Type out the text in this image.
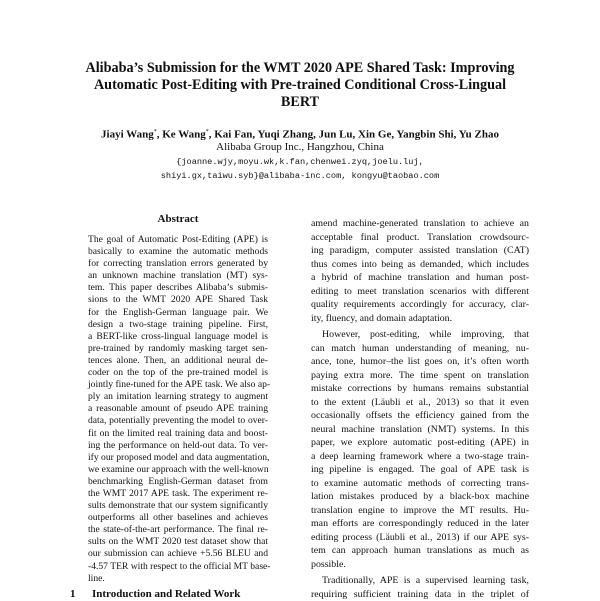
Alibaba’s Submission for the WMT 2020 APE Shared Task: Improving
Automatic Post-Editing with Pre-trained Conditional Cross-Lingual
BERT
Jiayi Wang*, Ke Wang*, Kai Fan, Yuqi Zhang, Jun Lu, Xin Ge, Yangbin Shi, Yu Zhao
Alibaba Group Inc., Hangzhou, China
{joanne.wjy,moyu.wk,k.fan,chenwei.zyq,joelu.luj,
shiyi.gx,taiwu.syb}@alibaba-inc.com, kongyu@taobao.com
Abstract
The goal of Automatic Post-Editing (APE) is
basically to examine the automatic methods
for correcting translation errors generated by
an unknown machine translation (MT) sys-
tem. This paper describes Alibaba’s submis-
sions to the WMT 2020 APE Shared Task
for the English-German language pair. We
design a two-stage training pipeline. First,
a BERT-like cross-lingual language model is
pre-trained by randomly masking target sen-
tences alone. Then, an additional neural de-
coder on the top of the pre-trained model is
jointly fine-tuned for the APE task. We also ap-
ply an imitation learning strategy to augment
a reasonable amount of pseudo APE training
data, potentially preventing the model to over-
fit on the limited real training data and boost-
ing the performance on held-out data. To ver-
ify our proposed model and data augmentation,
we examine our approach with the well-known
benchmarking English-German dataset from
the WMT 2017 APE task. The experiment re-
sults demonstrate that our system significantly
outperforms all other baselines and achieves
the state-of-the-art performance. The final re-
sults on the WMT 2020 test dataset show that
our submission can achieve +5.56 BLEU and
-4.57 TER with respect to the official MT base-
line.
1 Introduction and Related Work
amend machine-generated translation to achieve an
acceptable final product. Translation crowdsourc-
ing paradigm, computer assisted translation (CAT)
thus comes into being as demanded, which includes
a hybrid of machine translation and human post-
editing to meet translation scenarios with different
quality requirements accordingly for accuracy, clar-
ity, fluency, and domain adaptation.
However, post-editing, while improving, that
can match human understanding of meaning, nu-
ance, tone, humor–the list goes on, it’s often worth
paying extra more. The time spent on translation
mistake corrections by humans remains substantial
to the extent (Läubli et al., 2013) so that it even
occasionally offsets the efficiency gained from the
neural machine translation (NMT) systems. In this
paper, we explore automatic post-editing (APE) in
a deep learning framework where a two-stage train-
ing pipeline is engaged. The goal of APE task is
to examine automatic methods of correcting trans-
lation mistakes produced by a black-box machine
translation engine to improve the MT results. Hu-
man efforts are correspondingly reduced in the later
editing process (Läubli et al., 2013) if our APE sys-
tem can approach human translations as much as
possible.
Traditionally, APE is a supervised learning task,
requiring sufficient training data in the triplet of
